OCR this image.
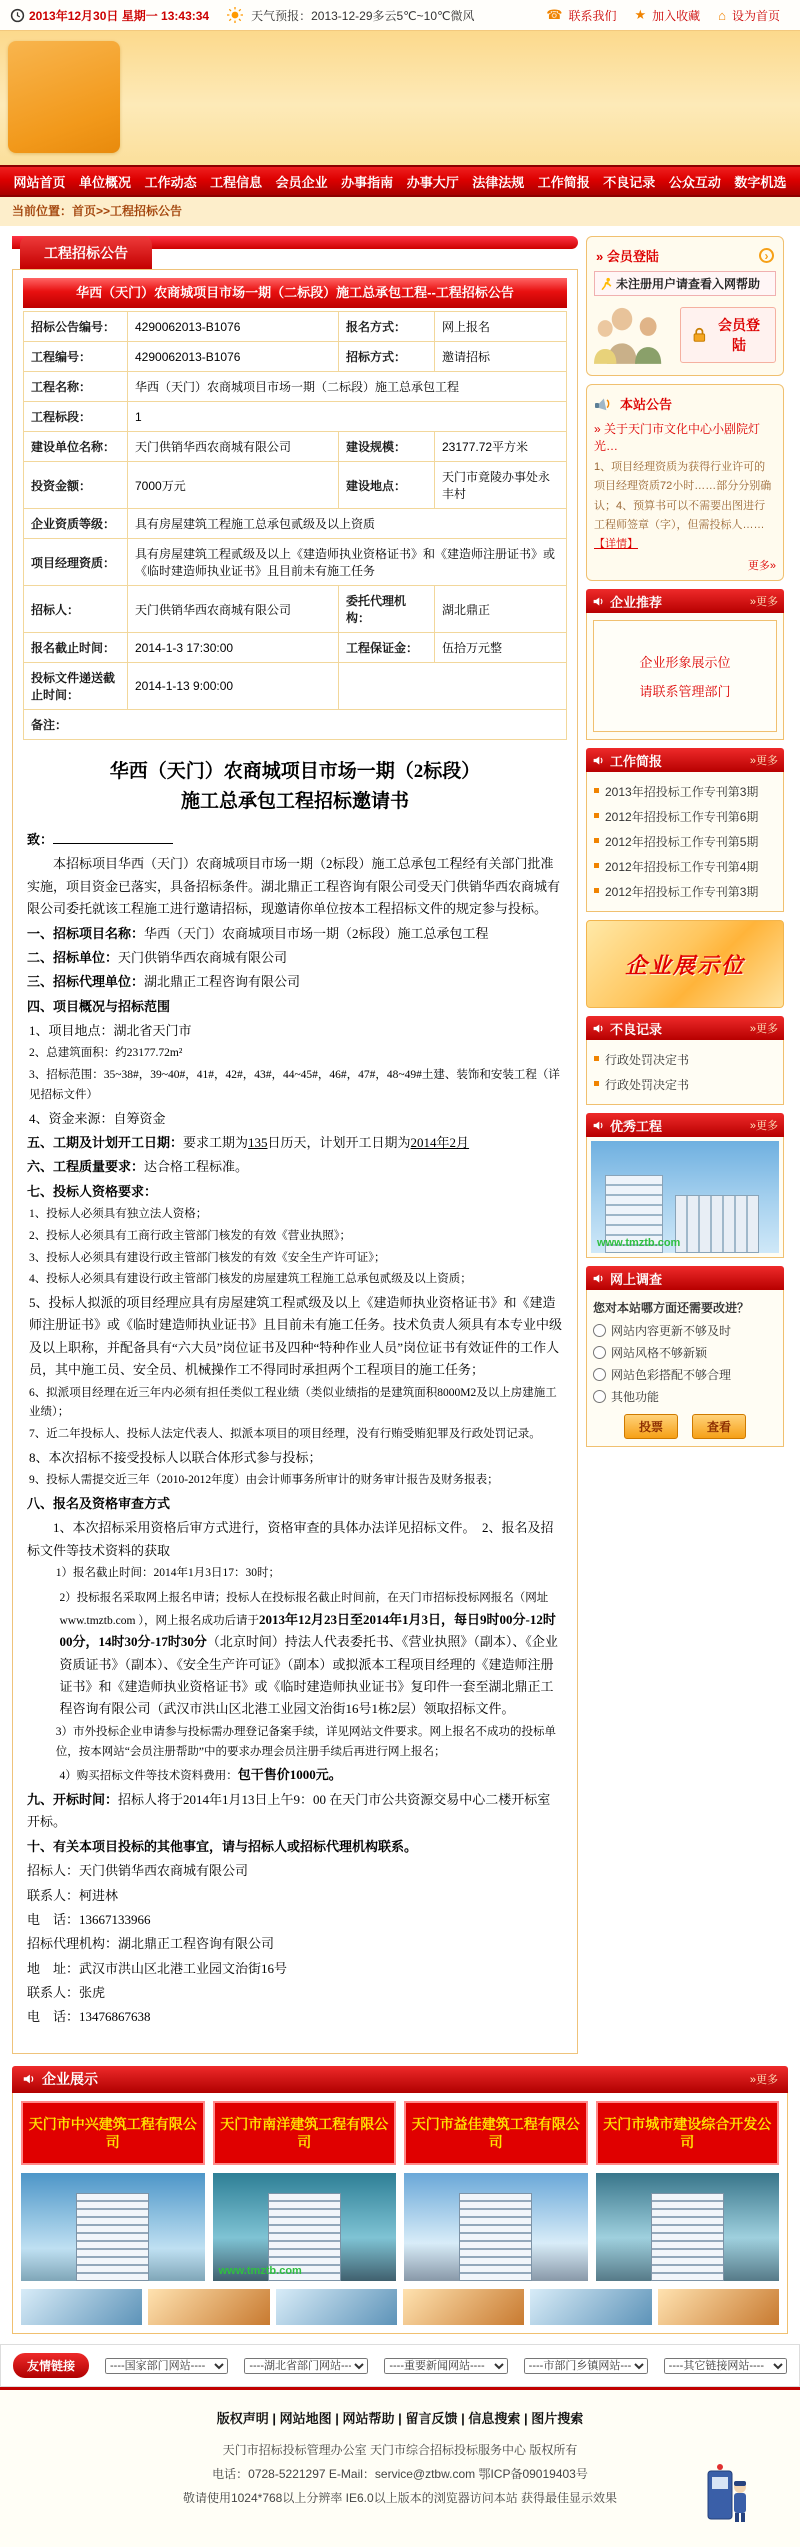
2013年12月30日 星期一 13:43:34	天气预报：2013-12-29多云5℃~10℃微风	☎ 联系我们 ★ 加入收藏 ⌂ 设为首页
网站首页 单位概况 工作动态 工程信息 会员企业 办事指南 办事大厅 法律法规 工作简报 不良记录 公众互动 数字机选
当前位置：首页>>工程招标公告
工程招标公告
华西（天门）农商城项目市场一期（二标段）施工总承包工程--工程招标公告
招标公告编号：	4290062013-B1076	报名方式：	网上报名
工程编号：	4290062013-B1076	招标方式：	邀请招标
工程名称：	华西（天门）农商城项目市场一期（二标段）施工总承包工程		
工程标段：	1		
建设单位名称：	天门供销华西农商城有限公司	建设规模：	23177.72平方米
投资金额：	7000万元	建设地点：	天门市竟陵办事处永丰村
企业资质等级：	具有房屋建筑工程施工总承包贰级及以上资质		
项目经理资质：	具有房屋建筑工程贰级及以上《建造师执业资格证书》和《建造师注册证书》或《临时建造师执业证书》且目前未有施工任务		
招标人：	天门供销华西农商城有限公司	委托代理机构：	湖北鼎正
报名截止时间：	2014-1-3 17:30:00	工程保证金：	伍拾万元整
投标文件递送截止时间：	2014-1-13 9:00:00		
备注：			

华西（天门）农商城项目市场一期（2标段）

施工总承包工程招标邀请书

致：

本招标项目华西（天门）农商城项目市场一期（2标段）施工总承包工程经有关部门批准实施，项目资金已落实，具备招标条件。湖北鼎正工程咨询有限公司受天门供销华西农商城有限公司委托就该工程施工进行邀请招标，现邀请你单位按本工程招标文件的规定参与投标。

一、招标项目名称：华西（天门）农商城项目市场一期（2标段）施工总承包工程

二、招标单位：天门供销华西农商城有限公司

三、招标代理单位：湖北鼎正工程咨询有限公司

四、项目概况与招标范围

1、项目地点：湖北省天门市

2、总建筑面积：约23177.72m²

3、招标范围：35~38#，39~40#，41#，42#，43#，44~45#，46#，47#，48~49#土建、装饰和安装工程（详见招标文件）

4、资金来源：自筹资金

五、工期及计划开工日期：要求工期为135日历天，计划开工日期为2014年2月

六、工程质量要求：达合格工程标准。

七、投标人资格要求：

1、投标人必须具有独立法人资格；

2、投标人必须具有工商行政主管部门核发的有效《营业执照》；

3、投标人必须具有建设行政主管部门核发的有效《安全生产许可证》；

4、投标人必须具有建设行政主管部门核发的房屋建筑工程施工总承包贰级及以上资质；

5、投标人拟派的项目经理应具有房屋建筑工程贰级及以上《建造师执业资格证书》和《建造师注册证书》或《临时建造师执业证书》且目前未有施工任务。技术负责人须具有本专业中级及以上职称，并配备具有“六大员”岗位证书及四种“特种作业人员”岗位证书有效证件的工作人员，其中施工员、安全员、机械操作工不得同时承担两个工程项目的施工任务；

6、拟派项目经理在近三年内必须有担任类似工程业绩（类似业绩指的是建筑面积8000M2及以上房建施工业绩）；

7、近二年投标人、投标人法定代表人、拟派本项目的项目经理，没有行贿受贿犯罪及行政处罚记录。

8、本次招标不接受投标人以联合体形式参与投标；

9、投标人需提交近三年（2010-2012年度）由会计师事务所审计的财务审计报告及财务报表；

八、报名及资格审查方式

1、本次招标采用资格后审方式进行，资格审查的具体办法详见招标文件。　2、报名及招标文件等技术资料的获取

1）报名截止时间：2014年1月3日17：30时；

2）投标报名采取网上报名申请；投标人在投标报名截止时间前，在天门市招标投标网报名（网址 www.tmztb.com ），网上报名成功后请于2013年12月23日至2014年1月3日，每日9时00分-12时00分，14时30分-17时30分（北京时间）持法人代表委托书、《营业执照》（副本）、《企业资质证书》（副本）、《安全生产许可证》（副本）或拟派本工程项目经理的《建造师注册证书》和《建造师执业资格证书》或《临时建造师执业证书》复印件一套至湖北鼎正工程咨询有限公司（武汉市洪山区北港工业园文治街16号1栋2层）领取招标文件。

3）市外投标企业申请参与投标需办理登记备案手续，详见网站文件要求。网上报名不成功的投标单位，按本网站“会员注册帮助”中的要求办理会员注册手续后再进行网上报名；

4）购买招标文件等技术资料费用：包干售价1000元。

九、开标时间：招标人将于2014年1月13日上午9：00 在天门市公共资源交易中心二楼开标室开标。

十、有关本项目投标的其他事宜，请与招标人或招标代理机构联系。

招标人：天门供销华西农商城有限公司

联系人：柯进林

电　话：13667133966

招标代理机构：湖北鼎正工程咨询有限公司

地　址：武汉市洪山区北港工业园文治街16号

联系人：张虎

电　话：13476867638

» 会员登陆	›
未注册用户请查看入网帮助
会员登陆
本站公告
» 关于天门市文化中心小剧院灯光…
1、项目经理资质为获得行业许可的项目经理资质72小时……部分分别确认；4、预算书可以不需要出图进行工程师签章（字），但需投标人……【详情】
更多»
企业推荐	»更多
企业形象展示位
请联系管理部门
工作简报	»更多
2013年招投标工作专刊第3期
2012年招投标工作专刊第6期
2012年招投标工作专刊第5期
2012年招投标工作专刊第4期
2012年招投标工作专刊第3期
企业展示位
不良记录	»更多
行政处罚决定书
行政处罚决定书
优秀工程	»更多
www.tmztb.com
网上调查
您对本站哪方面还需要改进？
网站内容更新不够及时
网站风格不够新颖
网站色彩搭配不够合理
其他功能
投票	查看
企业展示	»更多
天门市中兴建筑工程有限公司
天门市南洋建筑工程有限公司
天门市益佳建筑工程有限公司
天门市城市建设综合开发公司
www.tmztb.com
友情链接
----国家部门网站----
----湖北省部门网站---
----重要新闻网站----
----市部门乡镇网站---
----其它链接网站----
版权声明 | 网站地图 | 网站帮助 | 留言反馈 | 信息搜索 | 图片搜索
天门市招标投标管理办公室 天门市综合招标投标服务中心 版权所有
电话：0728-5221297 E-Mail：service@ztbw.com 鄂ICP备09019403号
敬请使用1024*768以上分辨率 IE6.0以上版本的浏览器访问本站 获得最佳显示效果
